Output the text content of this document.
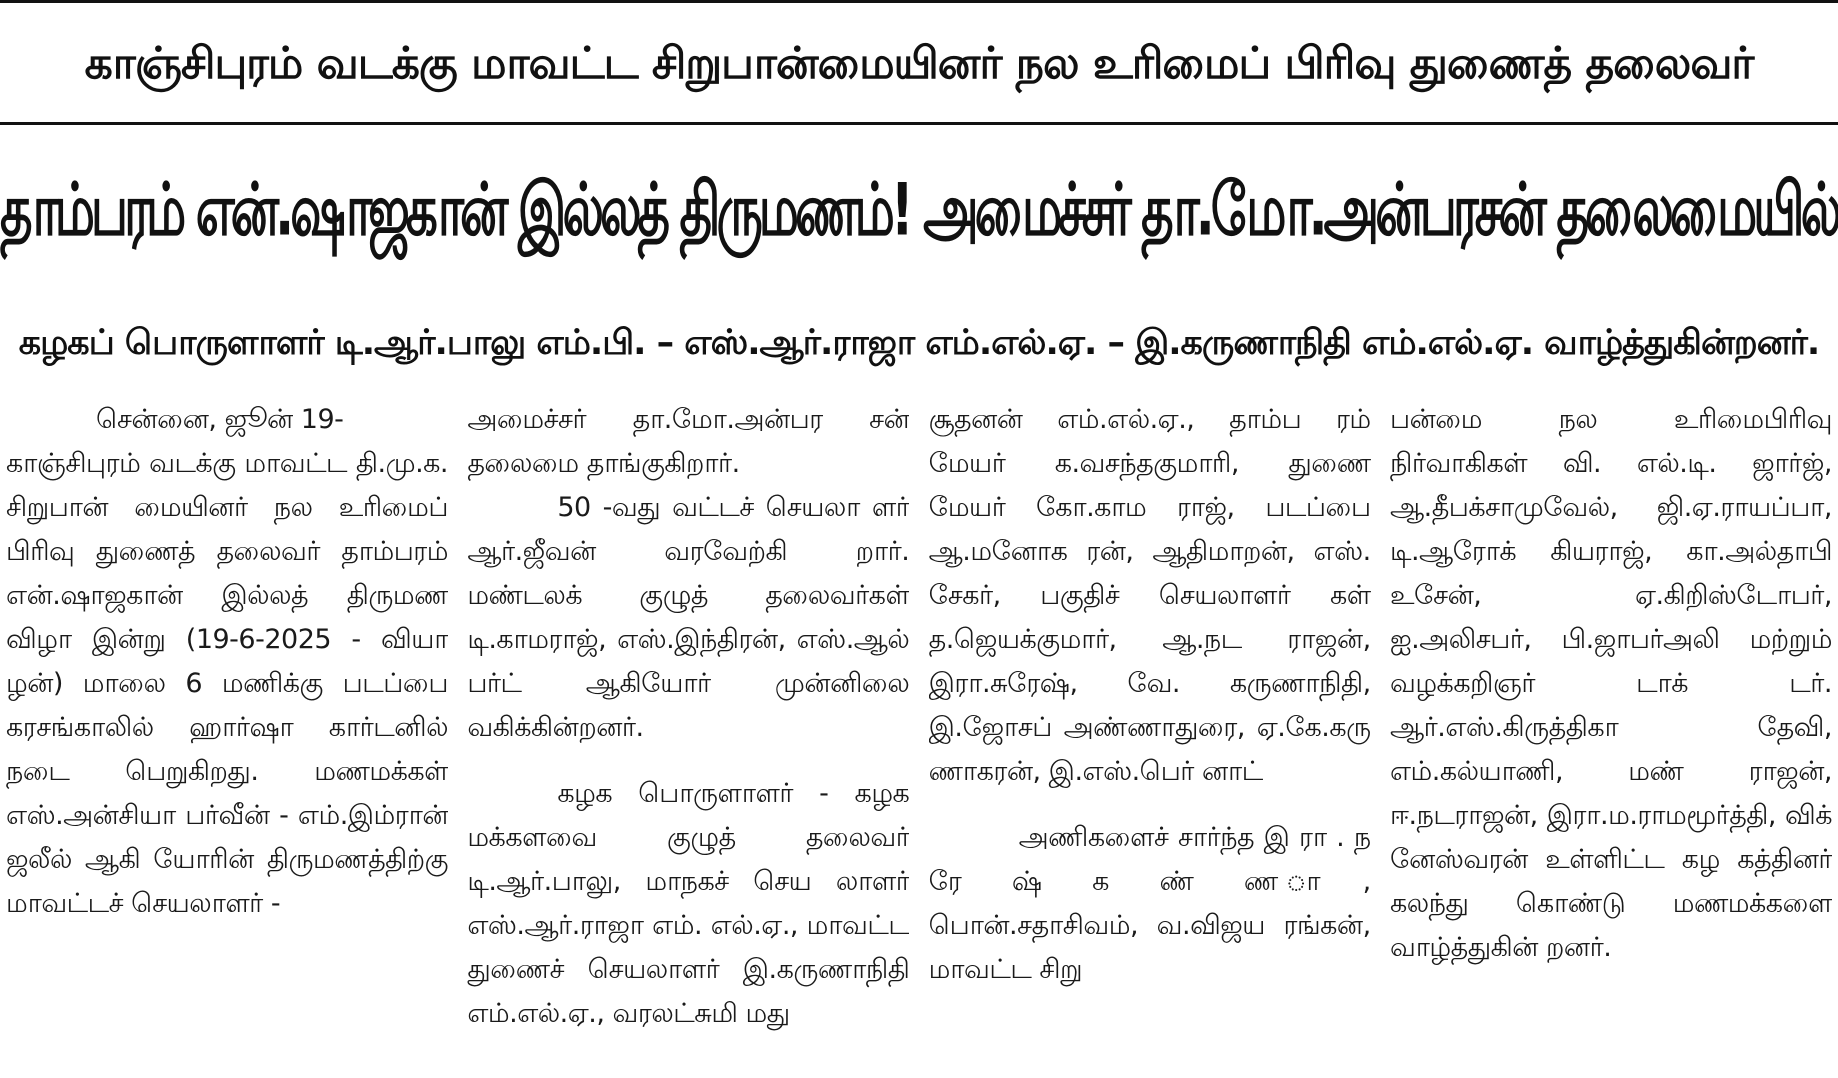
காஞ்சிபுரம் வடக்கு மாவட்ட சிறுபான்மையினர் நல உரிமைப் பிரிவு துணைத் தலைவர்
தாம்பரம் என்.ஷாஜகான் இல்லத் திருமணம்! அமைச்சர் தா.மோ.அன்பரசன் தலைமையில்
கழகப் பொருளாளர் டி.ஆர்.பாலு எம்.பி. – எஸ்.ஆர்.ராஜா எம்.எல்.ஏ. – இ.கருணாநிதி எம்.எல்.ஏ. வாழ்த்துகின்றனர்.

சென்னை, ஜூன் 19-

காஞ்சிபுரம் வடக்கு மாவட்ட தி.மு.க. சிறுபான் மையினர் நல உரிமைப் பிரிவு துணைத் தலைவர் தாம்பரம் என்.ஷாஜகான் இல்லத் திருமண விழா இன்று (19-6-2025 - வியா ழன்) மாலை 6 மணிக்கு படப்பை கரசங்காலில் ஹார்ஷா கார்டனில் நடை பெறுகிறது. மணமக்கள் எஸ்.அன்சியா பர்வீன் - எம்.இம்ரான் ஜலீல் ஆகி யோரின் திருமணத்திற்கு மாவட்டச் செயலாளர் -

அமைச்சர் தா.மோ.அன்பர சன் தலைமை தாங்குகிறார்.

50 -வது வட்டச் செயலா ளர் ஆர்.ஜீவன் வரவேற்கி றார். மண்டலக் குழுத் தலைவர்கள் டி.காமராஜ், எஸ்.இந்திரன், எஸ்.ஆல் பர்ட் ஆகியோர் முன்னிலை வகிக்கின்றனர்.

கழக பொருளாளர் - கழக மக்களவை குழுத் தலைவர் டி.ஆர்.பாலு, மாநகச் செய லாளர் எஸ்.ஆர்.ராஜா எம். எல்.ஏ., மாவட்ட துணைச் செயலாளர் இ.கருணாநிதி எம்.எல்.ஏ., வரலட்சுமி மது

சூதனன் எம்.எல்.ஏ., தாம்ப ரம் மேயர் க.வசந்தகுமாரி, துணை மேயர் கோ.காம ராஜ், படப்பை ஆ.மனோக ரன், ஆதிமாறன், எஸ். சேகர், பகுதிச் செயலாளர் கள் த.ஜெயக்குமார், ஆ.நட ராஜன், இரா.சுரேஷ், வே. கருணாநிதி, இ.ஜோசப் அண்ணாதுரை, ஏ.கே.கரு ணாகரன், இ.எஸ்.பெர் னாட்

அணிகளைச் சார்ந்த இ ரா . ந ரே ஷ் க ண் ண ா, பொன்.சதாசிவம், வ.விஜய ரங்கன், மாவட்ட சிறு

பன்மை நல உரிமைபிரிவு நிர்வாகிகள் வி. எல்.டி. ஜார்ஜ், ஆ.தீபக்சாமுவேல், ஜி.ஏ.ராயப்பா, டி.ஆரோக் கியராஜ், கா.அல்தாபி உசேன், ஏ.கிறிஸ்டோபர், ஐ.அலிசபர், பி.ஜாபர்அலி மற்றும் வழக்கறிஞர் டாக் டர். ஆர்.எஸ்.கிருத்திகா தேவி, எம்.கல்யாணி, மண் ராஜன், ஈ.நடராஜன், இரா.ம.ராமமூர்த்தி, விக் னேஸ்வரன் உள்ளிட்ட கழ கத்தினர் கலந்து கொண்டு மணமக்களை வாழ்த்துகின் றனர்.
